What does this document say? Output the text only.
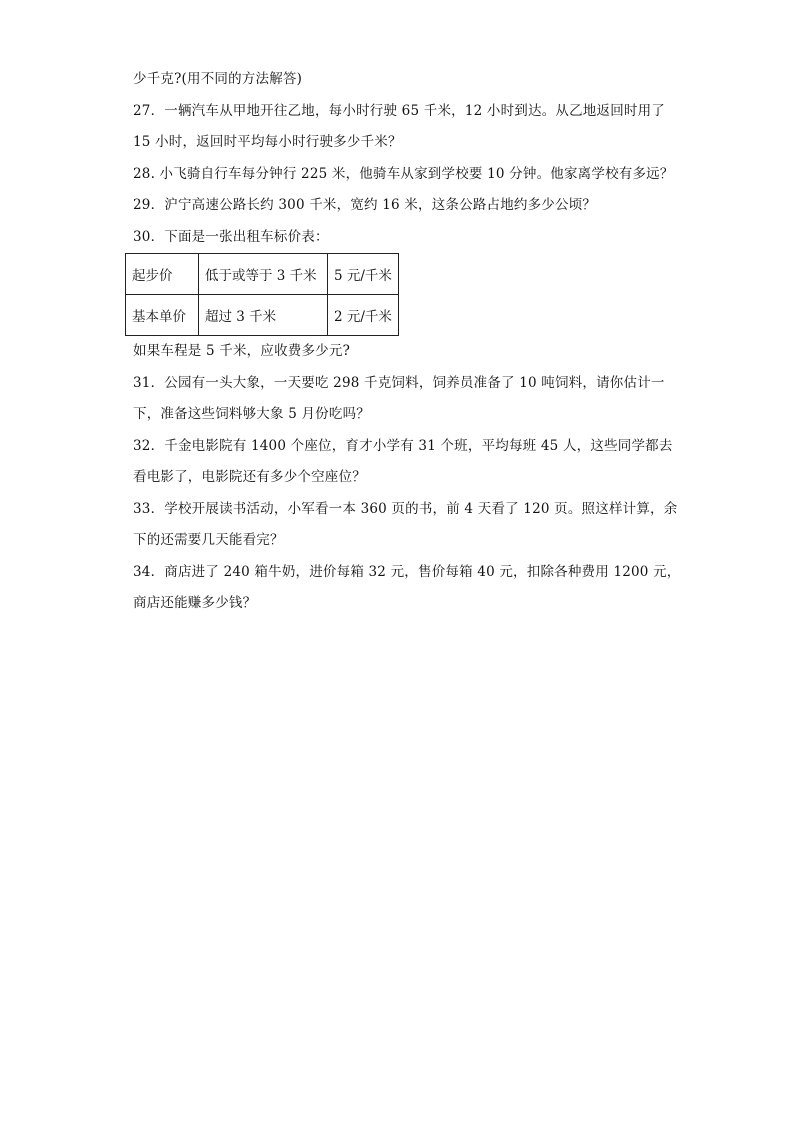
少千克?(用不同的方法解答)
27．一辆汽车从甲地开往乙地，每小时行驶 65 千米，12 小时到达。从乙地返回时用了
15 小时，返回时平均每小时行驶多少千米？
28. 小飞骑自行车每分钟行 225 米，他骑车从家到学校要 10 分钟。他家离学校有多远？
29．沪宁高速公路长约 300 千米，宽约 16 米，这条公路占地约多少公顷？
30．下面是一张出租车标价表：
起步价	低于或等于 3 千米	5 元/千米
基本单价	超过 3 千米	2 元/千米
如果车程是 5 千米，应收费多少元?
31．公园有一头大象，一天要吃 298 千克饲料，饲养员准备了 10 吨饲料，请你估计一
下，准备这些饲料够大象 5 月份吃吗？
32．千金电影院有 1400 个座位，育才小学有 31 个班，平均每班 45 人，这些同学都去
看电影了，电影院还有多少个空座位？
33．学校开展读书活动，小军看一本 360 页的书，前 4 天看了 120 页。照这样计算，余
下的还需要几天能看完？
34．商店进了 240 箱牛奶，进价每箱 32 元，售价每箱 40 元，扣除各种费用 1200 元，
商店还能赚多少钱？
